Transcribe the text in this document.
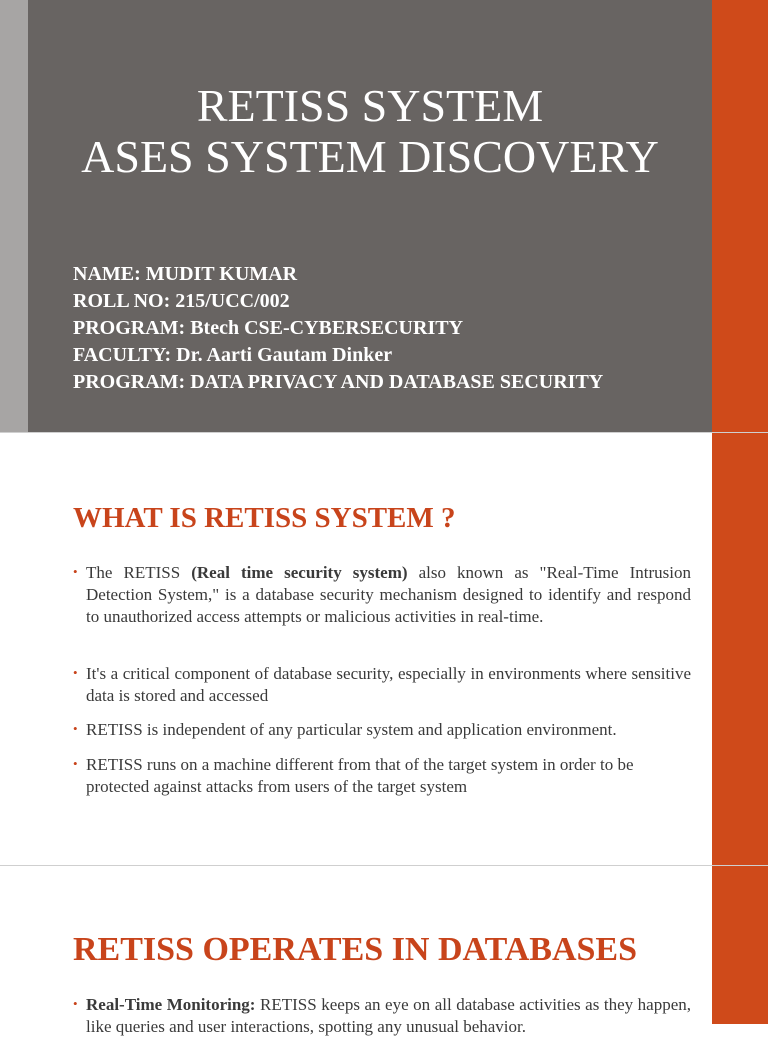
RETISS SYSTEM
ASES SYSTEM DISCOVERY
NAME: MUDIT KUMAR
ROLL NO: 215/UCC/002
PROGRAM: Btech CSE-CYBERSECURITY
FACULTY: Dr. Aarti Gautam Dinker
PROGRAM: DATA PRIVACY AND DATABASE SECURITY
WHAT IS RETISS SYSTEM ?
• The RETISS (Real time security system) also known as "Real-Time Intrusion Detection System," is a database security mechanism designed to identify and respond to unauthorized access attempts or malicious activities in real-time.
• It's a critical component of database security, especially in environments where sensitive data is stored and accessed
• RETISS is independent of any particular system and application environment.
• RETISS runs on a machine different from that of the target system in order to be protected against attacks from users of the target system
RETISS OPERATES IN DATABASES
• Real-Time Monitoring: RETISS keeps an eye on all database activities as they happen, like queries and user interactions, spotting any unusual behavior.
